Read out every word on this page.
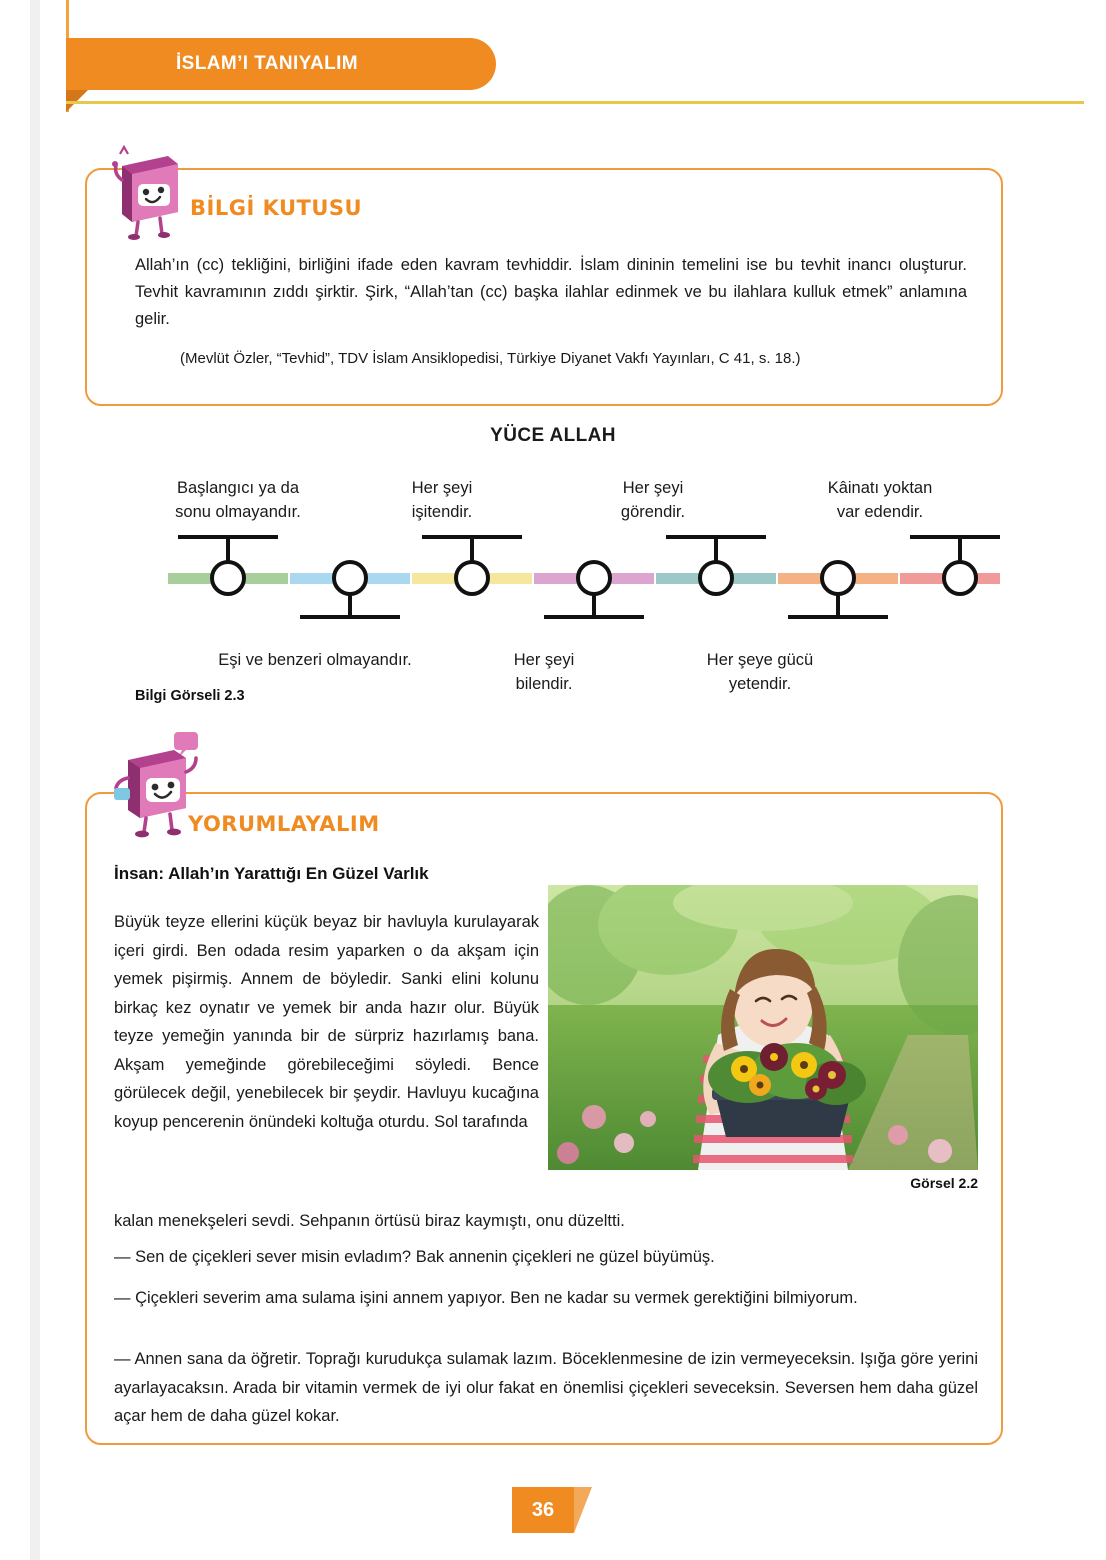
İSLAM’I TANIYALIM
BİLGİ KUTUSU
Allah’ın (cc) tekliğini, birliğini ifade eden kavram tevhiddir. İslam dininin temelini ise bu tevhit inancı oluşturur. Tevhit kavramının zıddı şirktir. Şirk, “Allah’tan (cc) başka ilahlar edinmek ve bu ilahlara kulluk etmek” anlamına gelir.
(Mevlüt Özler, “Tevhid”, TDV İslam Ansiklopedisi, Türkiye Diyanet Vakfı Yayınları, C 41, s. 18.)
YÜCE ALLAH
Başlangıcı ya da
sonu olmayandır.
Her şeyi
işitendir.
Her şeyi
görendir.
Kâinatı yoktan
var edendir.
Eşi ve benzeri olmayandır.	Her şeyi
bilendir.
Her şeye gücü
yetendir.
Bilgi Görseli 2.3
YORUMLAYALIM
İnsan: Allah’ın Yarattığı En Güzel Varlık
Büyük teyze ellerini küçük beyaz bir havluyla kurulayarak içeri girdi. Ben odada resim yaparken o da akşam için yemek pişirmiş. Annem de böyledir. Sanki elini kolunu birkaç kez oynatır ve yemek bir anda hazır olur. Büyük teyze yemeğin yanında bir de sürpriz hazırlamış bana. Akşam yemeğinde görebileceğimi söyledi. Bence görülecek değil, yenebilecek bir şeydir. Havluyu kucağına koyup pencerenin önündeki koltuğa oturdu. Sol tarafında
kalan menekşeleri sevdi. Sehpanın örtüsü biraz kaymıştı, onu düzeltti.
— Sen de çiçekleri sever misin evladım? Bak annenin çiçekleri ne güzel büyümüş.
— Çiçekleri severim ama sulama işini annem yapıyor. Ben ne kadar su vermek gerektiğini bilmiyorum.
— Annen sana da öğretir. Toprağı kurudukça sulamak lazım. Böceklenmesine de izin vermeyeceksin. Işığa göre yerini ayarlayacaksın. Arada bir vitamin vermek de iyi olur fakat en önemlisi çiçekleri seveceksin. Seversen hem daha güzel açar hem de daha güzel kokar.
Görsel 2.2
36
